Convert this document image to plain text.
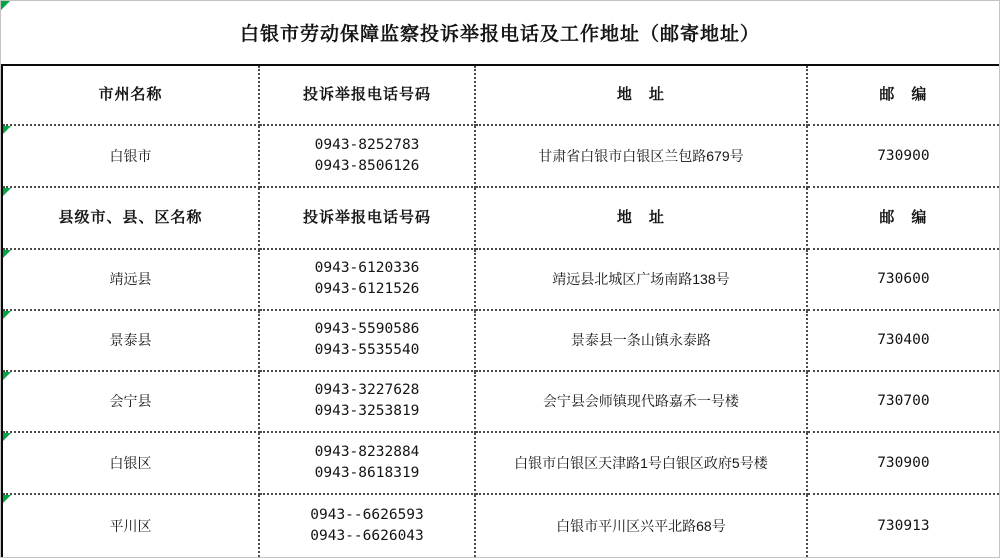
白银市劳动保障监察投诉举报电话及工作地址（邮寄地址）
市州名称	投诉举报电话号码	地　址	邮　编
白银市
0943-8252783
0943-8506126
甘肃省白银市白银区兰包路679号	730900
县级市、县、区名称	投诉举报电话号码	地　址	邮　编
靖远县
0943-6120336
0943-6121526
靖远县北城区广场南路138号	730600
景泰县
0943-5590586
0943-5535540
景泰县一条山镇永泰路	730400
会宁县
0943-3227628
0943-3253819
会宁县会师镇现代路嘉禾一号楼	730700
白银区
0943-8232884
0943-8618319
白银市白银区天津路1号白银区政府5号楼	730900
平川区
0943--6626593
0943--6626043
白银市平川区兴平北路68号	730913
